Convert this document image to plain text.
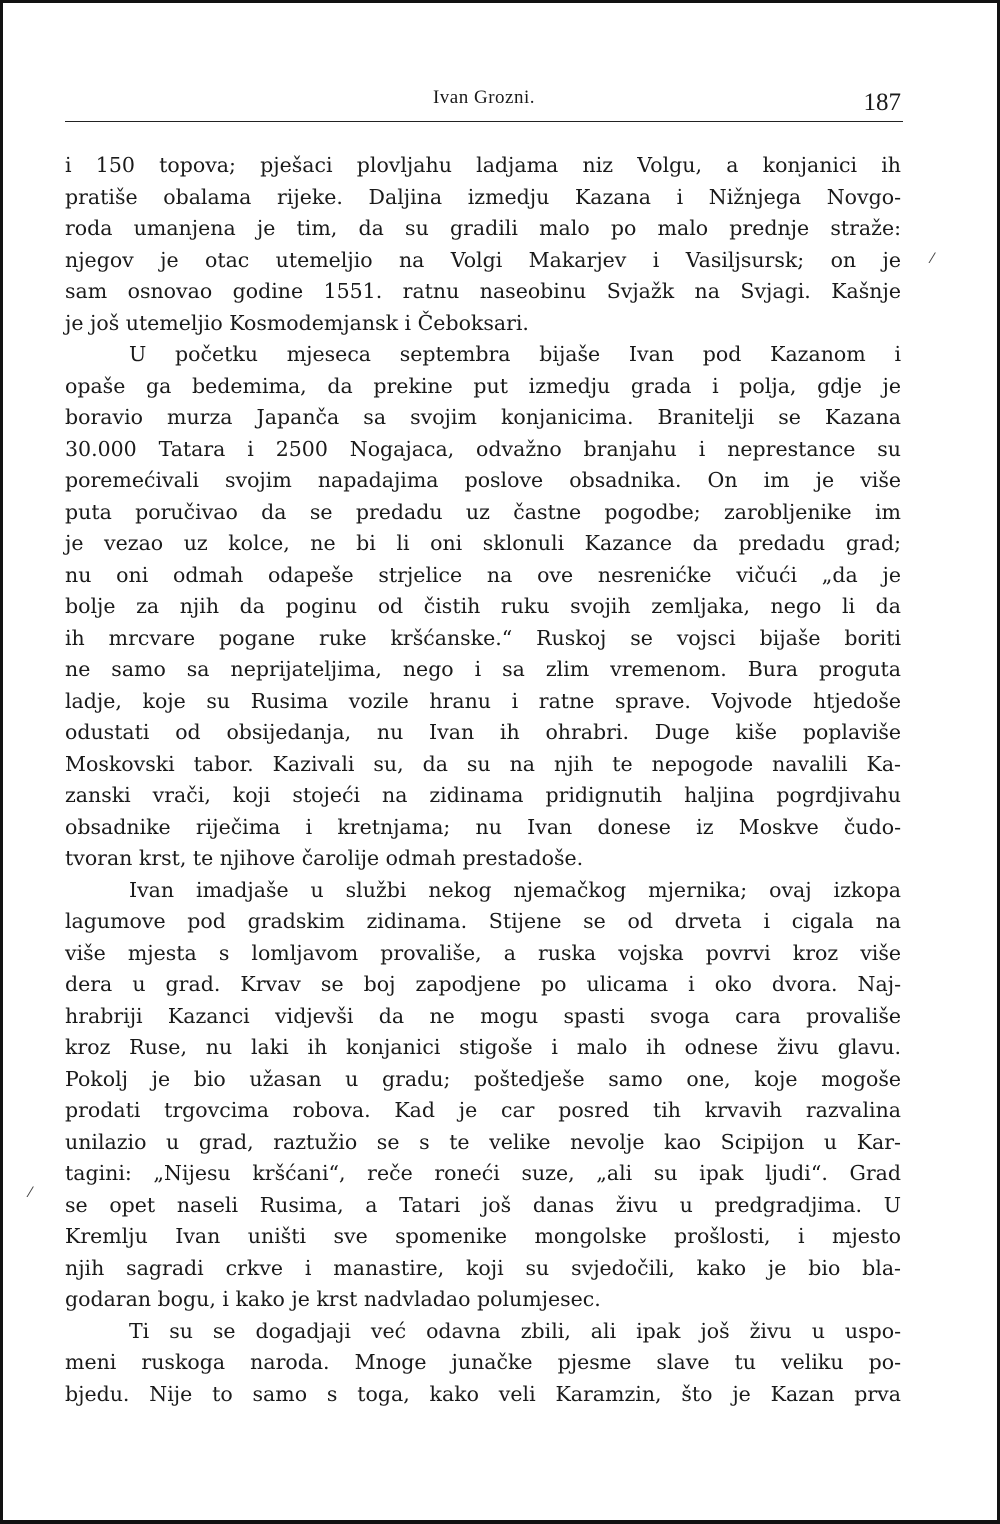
Ivan Grozni.	187
i 150 topova; pješaci plovljahu ladjama niz Volgu, a konjanici ih
pratiše obalama rijeke. Daljina izmedju Kazana i Nižnjega Novgo-
roda umanjena je tim, da su gradili malo po malo prednje straže:
njegov je otac utemeljio na Volgi Makarjev i Vasiljsursk; on je
sam osnovao godine 1551. ratnu naseobinu Svjažk na Svjagi. Kašnje
je još utemeljio Kosmodemjansk i Čeboksari.
U početku mjeseca septembra bijaše Ivan pod Kazanom i
opaše ga bedemima, da prekine put izmedju grada i polja, gdje je
boravio murza Japanča sa svojim konjanicima. Branitelji se Kazana
30.000 Tatara i 2500 Nogajaca, odvažno branjahu i neprestance su
poremećivali svojim napadajima poslove obsadnika. On im je više
puta poručivao da se predadu uz častne pogodbe; zarobljenike im
je vezao uz kolce, ne bi li oni sklonuli Kazance da predadu grad;
nu oni odmah odapeše strjelice na ove nesrenićke vičući „da je
bolje za njih da poginu od čistih ruku svojih zemljaka, nego li da
ih mrcvare pogane ruke kršćanske.“ Ruskoj se vojsci bijaše boriti
ne samo sa neprijateljima, nego i sa zlim vremenom. Bura proguta
ladje, koje su Rusima vozile hranu i ratne sprave. Vojvode htjedoše
odustati od obsijedanja, nu Ivan ih ohrabri. Duge kiše poplaviše
Moskovski tabor. Kazivali su, da su na njih te nepogode navalili Ka-
zanski vrači, koji stojeći na zidinama pridignutih haljina pogrdjivahu
obsadnike riječima i kretnjama; nu Ivan donese iz Moskve čudo-
tvoran krst, te njihove čarolije odmah prestadoše.
Ivan imadjaše u službi nekog njemačkog mjernika; ovaj izkopa
lagumove pod gradskim zidinama. Stijene se od drveta i cigala na
više mjesta s lomljavom provališe, a ruska vojska povrvi kroz više
dera u grad. Krvav se boj zapodjene po ulicama i oko dvora. Naj-
hrabriji Kazanci vidjevši da ne mogu spasti svoga cara provališe
kroz Ruse, nu laki ih konjanici stigoše i malo ih odnese živu glavu.
Pokolj je bio užasan u gradu; poštedješe samo one, koje mogoše
prodati trgovcima robova. Kad je car posred tih krvavih razvalina
unilazio u grad, raztužio se s te velike nevolje kao Scipijon u Kar-
tagini: „Nijesu kršćani“, reče roneći suze, „ali su ipak ljudi“. Grad
se opet naseli Rusima, a Tatari još danas živu u predgradjima. U
Kremlju Ivan uništi sve spomenike mongolske prošlosti, i mjesto
njih sagradi crkve i manastire, koji su svjedočili, kako je bio bla-
godaran bogu, i kako je krst nadvladao polumjesec.
Ti su se dogadjaji već odavna zbili, ali ipak još živu u uspo-
meni ruskoga naroda. Mnoge junačke pjesme slave tu veliku po-
bjedu. Nije to samo s toga, kako veli Karamzin, što je Kazan prva
⁄
⁄
